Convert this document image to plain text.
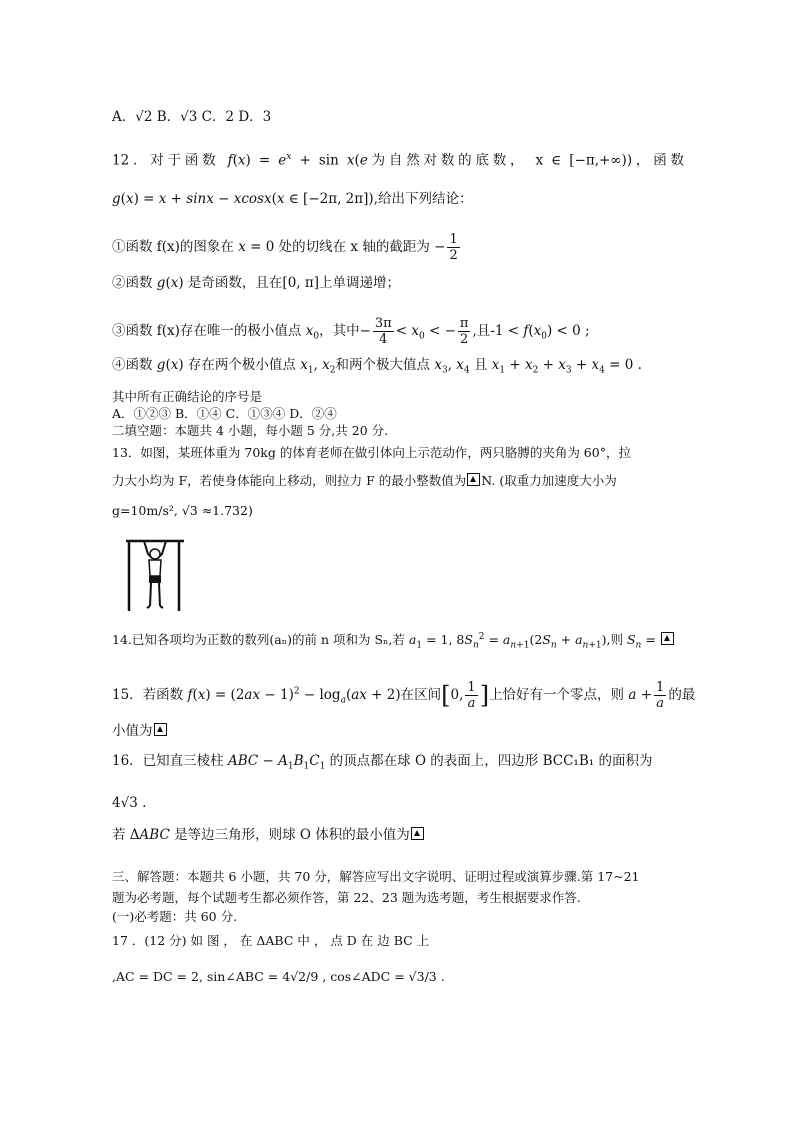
A．√2 B．√3 C．2 D．3
12．对于函数 $f(x) = e^x + \sin x(e$为自然对数的底数， x ∈ [−π,+∞))，函数
g(x) = x + sinx − xcosx(x ∈ [−2π, 2π]),给出下列结论：
①函数 f(x)的图象在 x = 0 处的切线在 x 轴的截距为 − $\frac{1}{2}$
②函数 g(x) 是奇函数，且在[0, π]上单调递增；
③函数 f(x)存在唯一的极小值点 $x_0$，其中− $\frac{3\pi}{4} < x_0$ < − $\frac{\pi}{2}$ ,且$-1 < f(x_0) < 0$ ;
④函数 g(x) 存在两个极小值点 $x_1$, $x_2$和两个极大值点 $x_3$, $x_4$ 且 $x_1 + x_2 + x_3 + x_4 = 0$ .
其中所有正确结论的序号是
A．①②③ B．①④ C．①③④ D．②④
二填空题：本题共 4 小题，每小题 5 分,共 20 分.
13．如图，某班体重为 70kg 的体育老师在做引体向上示范动作，两只胳膊的夹角为 60°，拉
力大小均为 F，若使身体能向上移动，则拉力 F 的最小整数值为 N. (取重力加速度大小为
g=10m/s², √3 ≈1.732)
14.已知各项均为正数的数列(aₙ)的前 n 项和为 Sₙ,若 $a_1 = 1$, $8S_n^2 = a_{n+1}(2S_n + a_{n+1})$,则 $S_n$ =
15．若函数 $f(x) = (2ax - 1)^2 - \log_a(ax + 2)$在区间[0, $\frac{1}{a}$ ]上恰好有一个零点，则 $a + \frac{1}{a}$ 的最
小值为
16．已知直三棱柱 ABC − $A_1B_1C_1$ 的顶点都在球 O 的表面上，四边形 BCC₁B₁ 的面积为
4√3 .
若 ΔABC 是等边三角形，则球 O 体积的最小值为
三、解答题：本题共 6 小题，共 70 分，解答应写出文字说明、证明过程或演算步骤.第 17~21
题为必考题，每个试题考生都必须作答，第 22、23 题为选考题，考生根据要求作答.
(一)必考题：共 60 分.
17 ．(12 分) 如 图 ， 在 ΔABC 中 ， 点 D 在 边 BC 上
,AC = DC = 2, sin∠ABC = 4√2/9 , cos∠ADC = √3/3 .
